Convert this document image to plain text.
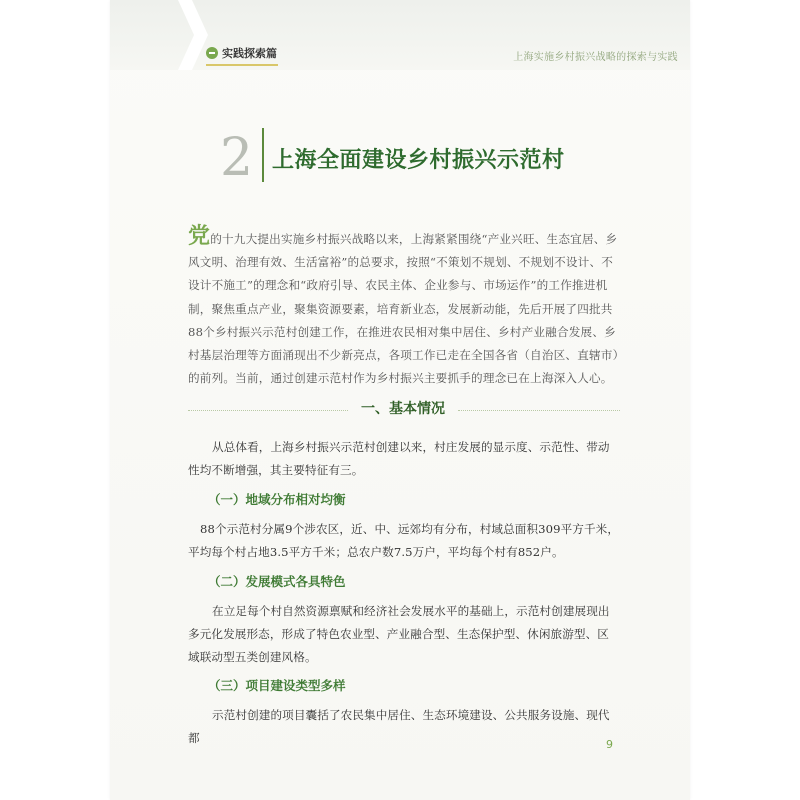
实践探索篇	上海实施乡村振兴战略的探索与实践
2 上海全面建设乡村振兴示范村
党的十九大提出实施乡村振兴战略以来，上海紧紧围绕“产业兴旺、生态宜居、乡风文明、治理有效、生活富裕”的总要求，按照“不策划不规划、不规划不设计、不设计不施工”的理念和“政府引导、农民主体、企业参与、市场运作”的工作推进机制，聚焦重点产业，聚集资源要素，培育新业态，发展新动能，先后开展了四批共88个乡村振兴示范村创建工作，在推进农民相对集中居住、乡村产业融合发展、乡村基层治理等方面涌现出不少新亮点，各项工作已走在全国各省（自治区、直辖市）的前列。当前，通过创建示范村作为乡村振兴主要抓手的理念已在上海深入人心。
一、基本情况
从总体看，上海乡村振兴示范村创建以来，村庄发展的显示度、示范性、带动性均不断增强，其主要特征有三。
（一）地域分布相对均衡
88个示范村分属9个涉农区，近、中、远郊均有分布，村域总面积309平方千米，平均每个村占地3.5平方千米；总农户数7.5万户，平均每个村有852户。
（二）发展模式各具特色
在立足每个村自然资源禀赋和经济社会发展水平的基础上，示范村创建展现出多元化发展形态，形成了特色农业型、产业融合型、生态保护型、休闲旅游型、区域联动型五类创建风格。
（三）项目建设类型多样
示范村创建的项目囊括了农民集中居住、生态环境建设、公共服务设施、现代都	9
